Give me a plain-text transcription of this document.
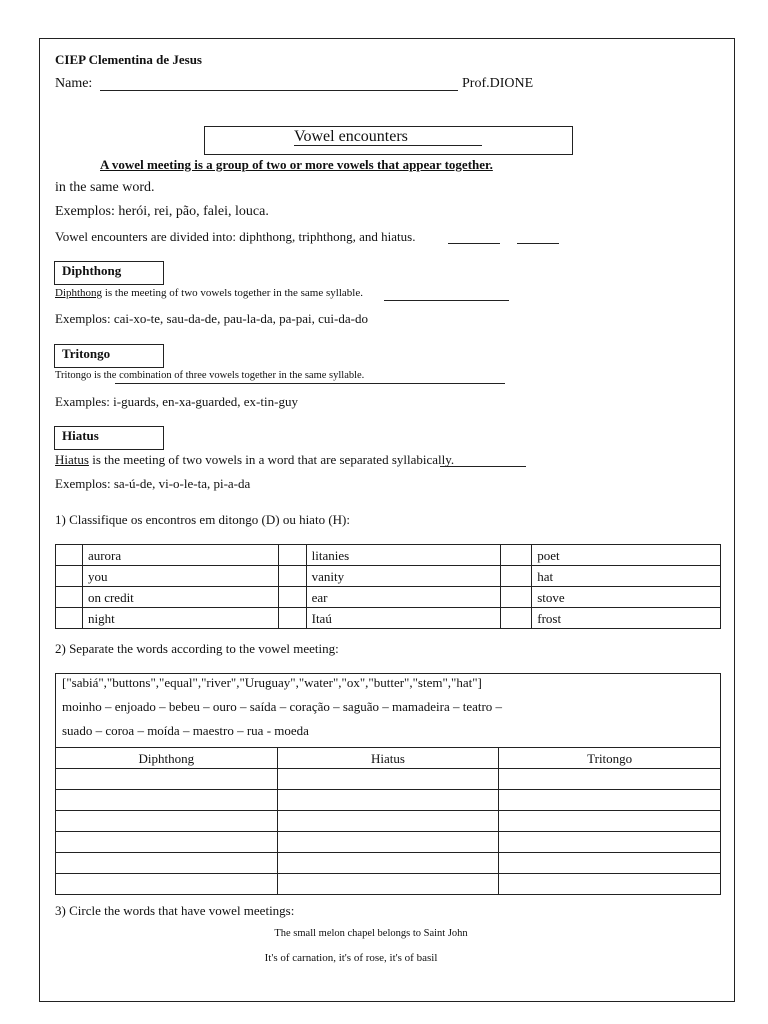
CIEP Clementina de Jesus
Name:	Prof.DIONE
Vowel encounters
A vowel meeting is a group of two or more vowels that appear together.
in the same word.
Exemplos: herói, rei, pão, falei, louca.
Vowel encounters are divided into: diphthong, triphthong, and hiatus.
Diphthong
Diphthong is the meeting of two vowels together in the same syllable.
Exemplos: cai-xo-te, sau-da-de, pau-la-da, pa-pai, cui-da-do
Tritongo
Tritongo is the combination of three vowels together in the same syllable.
Examples: i-guards, en-xa-guarded, ex-tin-guy
Hiatus
Hiatus is the meeting of two vowels in a word that are separated syllabically.
Exemplos: sa-ú-de, vi-o-le-ta, pi-a-da
1) Classifique os encontros em ditongo (D) ou hiato (H):
	aurora		litanies		poet
	you		vanity		hat
	on credit		ear		stove
	night		Itaú		frost
2) Separate the words according to the vowel meeting:
["sabiá","buttons","equal","river","Uruguay","water","ox","butter","stem","hat"]
moinho – enjoado – bebeu – ouro – saída – coração – saguão – mamadeira – teatro –
suado – coroa – moída – maestro – rua - moeda
Diphthong	Hiatus	Tritongo

3) Circle the words that have vowel meetings:
The small melon chapel belongs to Saint John
It's of carnation, it's of rose, it's of basil
